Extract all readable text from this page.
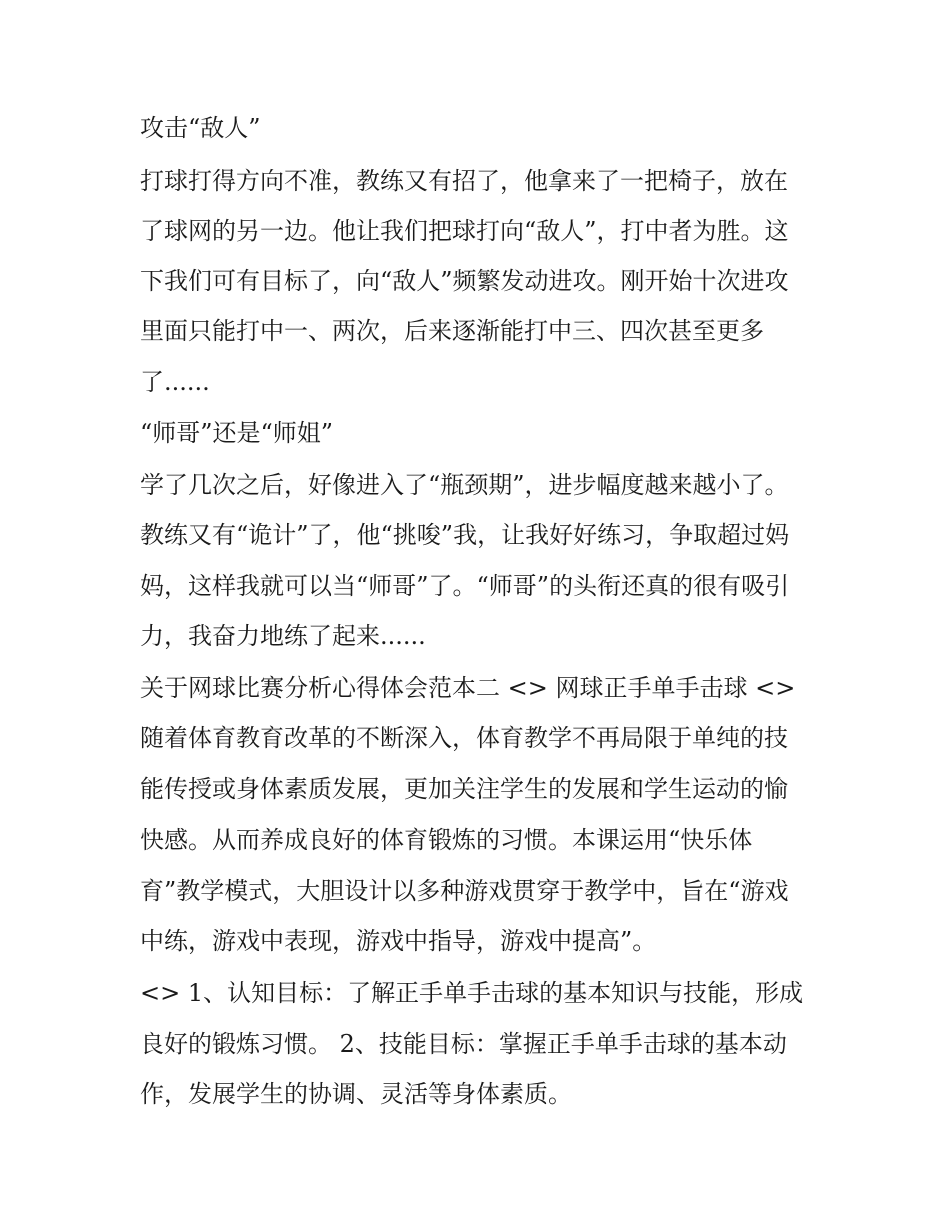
攻击“敌人”
打球打得方向不准，教练又有招了，他拿来了一把椅子，放在
了球网的另一边。他让我们把球打向“敌人”，打中者为胜。这
下我们可有目标了，向“敌人”频繁发动进攻。刚开始十次进攻
里面只能打中一、两次，后来逐渐能打中三、四次甚至更多
了......
“师哥”还是“师姐”
学了几次之后，好像进入了“瓶颈期”，进步幅度越来越小了。
教练又有“诡计”了，他“挑唆”我，让我好好练习，争取超过妈
妈，这样我就可以当“师哥”了。“师哥”的头衔还真的很有吸引
力，我奋力地练了起来......
关于网球比赛分析心得体会范本二 <> 网球正手单手击球 <>
随着体育教育改革的不断深入，体育教学不再局限于单纯的技
能传授或身体素质发展，更加关注学生的发展和学生运动的愉
快感。从而养成良好的体育锻炼的习惯。本课运用“快乐体
育”教学模式，大胆设计以多种游戏贯穿于教学中，旨在“游戏
中练，游戏中表现，游戏中指导，游戏中提高”。
<> 1、认知目标：了解正手单手击球的基本知识与技能，形成
良好的锻炼习惯。 2、技能目标：掌握正手单手击球的基本动
作，发展学生的协调、灵活等身体素质。
